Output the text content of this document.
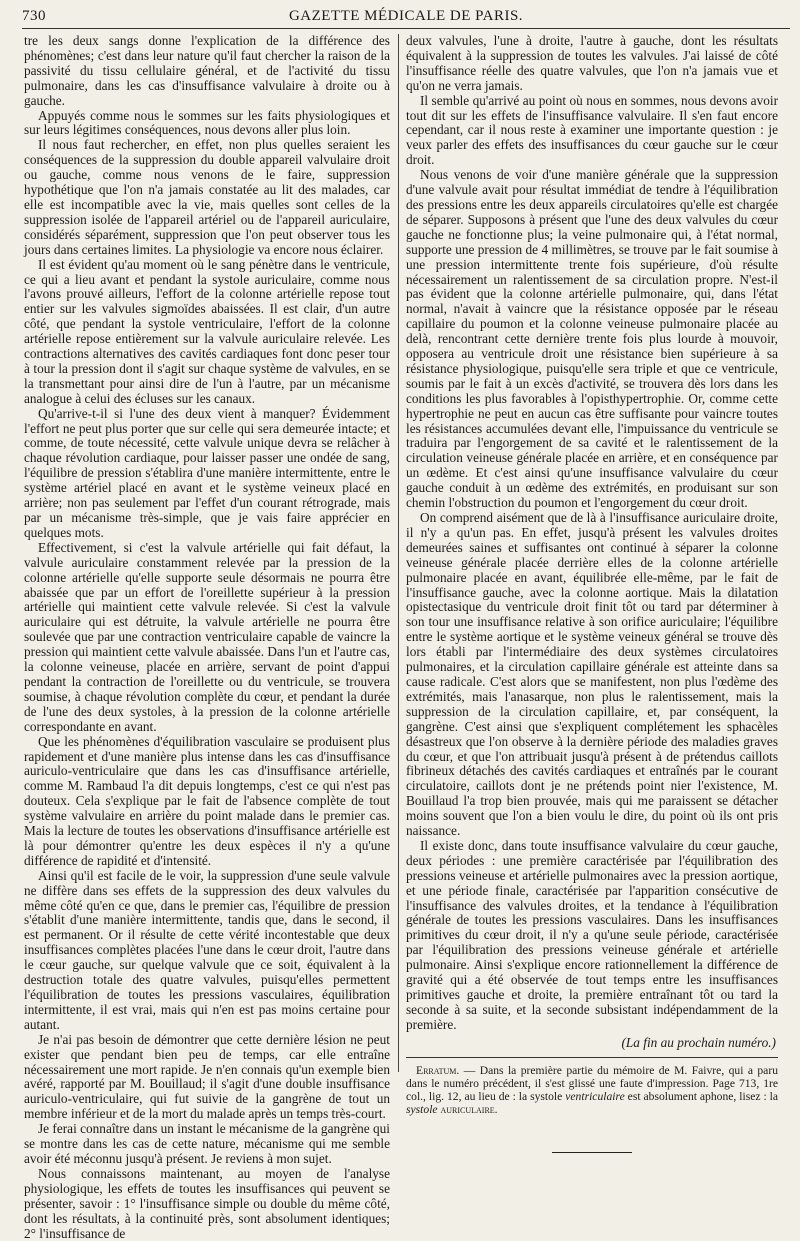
730	GAZETTE MÉDICALE DE PARIS.

tre les deux sangs donne l'explication de la différence des phénomènes; c'est dans leur nature qu'il faut chercher la raison de la passivité du tissu cellulaire général, et de l'activité du tissu pulmonaire, dans les cas d'insuffisance valvulaire à droite ou à gauche.

Appuyés comme nous le sommes sur les faits physiologiques et sur leurs légitimes conséquences, nous devons aller plus loin.

Il nous faut rechercher, en effet, non plus quelles seraient les conséquences de la suppression du double appareil valvulaire droit ou gauche, comme nous venons de le faire, suppression hypothétique que l'on n'a jamais constatée au lit des malades, car elle est incompatible avec la vie, mais quelles sont celles de la suppression isolée de l'appareil artériel ou de l'appareil auriculaire, considérés séparément, suppression que l'on peut observer tous les jours dans certaines limites. La physiologie va encore nous éclairer.

Il est évident qu'au moment où le sang pénètre dans le ventricule, ce qui a lieu avant et pendant la systole auriculaire, comme nous l'avons prouvé ailleurs, l'effort de la colonne artérielle repose tout entier sur les valvules sigmoïdes abaissées. Il est clair, d'un autre côté, que pendant la systole ventriculaire, l'effort de la colonne artérielle repose entièrement sur la valvule auriculaire relevée. Les contractions alternatives des cavités cardiaques font donc peser tour à tour la pression dont il s'agit sur chaque système de valvules, en se la transmettant pour ainsi dire de l'un à l'autre, par un mécanisme analogue à celui des écluses sur les canaux.

Qu'arrive-t-il si l'une des deux vient à manquer? Évidemment l'effort ne peut plus porter que sur celle qui sera demeurée intacte; et comme, de toute nécessité, cette valvule unique devra se relâcher à chaque révolution cardiaque, pour laisser passer une ondée de sang, l'équilibre de pression s'établira d'une manière intermittente, entre le système artériel placé en avant et le système veineux placé en arrière; non pas seulement par l'effet d'un courant rétrograde, mais par un mécanisme très-simple, que je vais faire apprécier en quelques mots.

Effectivement, si c'est la valvule artérielle qui fait défaut, la valvule auriculaire constamment relevée par la pression de la colonne artérielle qu'elle supporte seule désormais ne pourra être abaissée que par un effort de l'oreillette supérieur à la pression artérielle qui maintient cette valvule relevée. Si c'est la valvule auriculaire qui est détruite, la valvule artérielle ne pourra être soulevée que par une contraction ventriculaire capable de vaincre la pression qui maintient cette valvule abaissée. Dans l'un et l'autre cas, la colonne veineuse, placée en arrière, servant de point d'appui pendant la contraction de l'oreillette ou du ventricule, se trouvera soumise, à chaque révolution complète du cœur, et pendant la durée de l'une des deux systoles, à la pression de la colonne artérielle correspondante en avant.

Que les phénomènes d'équilibration vasculaire se produisent plus rapidement et d'une manière plus intense dans les cas d'insuffisance auriculo-ventriculaire que dans les cas d'insuffisance artérielle, comme M. Rambaud l'a dit depuis longtemps, c'est ce qui n'est pas douteux. Cela s'explique par le fait de l'absence complète de tout système valvulaire en arrière du point malade dans le premier cas. Mais la lecture de toutes les observations d'insuffisance artérielle est là pour démontrer qu'entre les deux espèces il n'y a qu'une différence de rapidité et d'intensité.

Ainsi qu'il est facile de le voir, la suppression d'une seule valvule ne diffère dans ses effets de la suppression des deux valvules du même côté qu'en ce que, dans le premier cas, l'équilibre de pression s'établit d'une manière intermittente, tandis que, dans le second, il est permanent. Or il résulte de cette vérité incontestable que deux insuffisances complètes placées l'une dans le cœur droit, l'autre dans le cœur gauche, sur quelque valvule que ce soit, équivalent à la destruction totale des quatre valvules, puisqu'elles permettent l'équilibration de toutes les pressions vasculaires, équilibration intermittente, il est vrai, mais qui n'en est pas moins certaine pour autant.

Je n'ai pas besoin de démontrer que cette dernière lésion ne peut exister que pendant bien peu de temps, car elle entraîne nécessairement une mort rapide. Je n'en connais qu'un exemple bien avéré, rapporté par M. Bouillaud; il s'agit d'une double insuffisance auriculo-ventriculaire, qui fut suivie de la gangrène de tout un membre inférieur et de la mort du malade après un temps très-court.

Je ferai connaître dans un instant le mécanisme de la gangrène qui se montre dans les cas de cette nature, mécanisme qui me semble avoir été méconnu jusqu'à présent. Je reviens à mon sujet.

Nous connaissons maintenant, au moyen de l'analyse physiologique, les effets de toutes les insuffisances qui peuvent se présenter, savoir : 1° l'insuffisance simple ou double du même côté, dont les résultats, à la continuité près, sont absolument identiques; 2° l'insuffisance de

deux valvules, l'une à droite, l'autre à gauche, dont les résultats équivalent à la suppression de toutes les valvules. J'ai laissé de côté l'insuffisance réelle des quatre valvules, que l'on n'a jamais vue et qu'on ne verra jamais.

Il semble qu'arrivé au point où nous en sommes, nous devons avoir tout dit sur les effets de l'insuffisance valvulaire. Il s'en faut encore cependant, car il nous reste à examiner une importante question : je veux parler des effets des insuffisances du cœur gauche sur le cœur droit.

Nous venons de voir d'une manière générale que la suppression d'une valvule avait pour résultat immédiat de tendre à l'équilibration des pressions entre les deux appareils circulatoires qu'elle est chargée de séparer. Supposons à présent que l'une des deux valvules du cœur gauche ne fonctionne plus; la veine pulmonaire qui, à l'état normal, supporte une pression de 4 millimètres, se trouve par le fait soumise à une pression intermittente trente fois supérieure, d'où résulte nécessairement un ralentissement de sa circulation propre. N'est-il pas évident que la colonne artérielle pulmonaire, qui, dans l'état normal, n'avait à vaincre que la résistance opposée par le réseau capillaire du poumon et la colonne veineuse pulmonaire placée au delà, rencontrant cette dernière trente fois plus lourde à mouvoir, opposera au ventricule droit une résistance bien supérieure à sa résistance physiologique, puisqu'elle sera triple et que ce ventricule, soumis par le fait à un excès d'activité, se trouvera dès lors dans les conditions les plus favorables à l'opisthypertrophie. Or, comme cette hypertrophie ne peut en aucun cas être suffisante pour vaincre toutes les résistances accumulées devant elle, l'impuissance du ventricule se traduira par l'engorgement de sa cavité et le ralentissement de la circulation veineuse générale placée en arrière, et en conséquence par un œdème. Et c'est ainsi qu'une insuffisance valvulaire du cœur gauche conduit à un œdème des extrémités, en produisant sur son chemin l'obstruction du poumon et l'engorgement du cœur droit.

On comprend aisément que de là à l'insuffisance auriculaire droite, il n'y a qu'un pas. En effet, jusqu'à présent les valvules droites demeurées saines et suffisantes ont continué à séparer la colonne veineuse générale placée derrière elles de la colonne artérielle pulmonaire placée en avant, équilibrée elle-même, par le fait de l'insuffisance gauche, avec la colonne aortique. Mais la dilatation opistectasique du ventricule droit finit tôt ou tard par déterminer à son tour une insuffisance relative à son orifice auriculaire; l'équilibre entre le système aortique et le système veineux général se trouve dès lors établi par l'intermédiaire des deux systèmes circulatoires pulmonaires, et la circulation capillaire générale est atteinte dans sa cause radicale. C'est alors que se manifestent, non plus l'œdème des extrémités, mais l'anasarque, non plus le ralentissement, mais la suppression de la circulation capillaire, et, par conséquent, la gangrène. C'est ainsi que s'expliquent complétement les sphacèles désastreux que l'on observe à la dernière période des maladies graves du cœur, et que l'on attribuait jusqu'à présent à de prétendus caillots fibrineux détachés des cavités cardiaques et entraînés par le courant circulatoire, caillots dont je ne prétends point nier l'existence, M. Bouillaud l'a trop bien prouvée, mais qui me paraissent se détacher moins souvent que l'on a bien voulu le dire, du point où ils ont pris naissance.

Il existe donc, dans toute insuffisance valvulaire du cœur gauche, deux périodes : une première caractérisée par l'équilibration des pressions veineuse et artérielle pulmonaires avec la pression aortique, et une période finale, caractérisée par l'apparition consécutive de l'insuffisance des valvules droites, et la tendance à l'équilibration générale de toutes les pressions vasculaires. Dans les insuffisances primitives du cœur droit, il n'y a qu'une seule période, caractérisée par l'équilibration des pressions veineuse générale et artérielle pulmonaire. Ainsi s'explique encore rationnellement la différence de gravité qui a été observée de tout temps entre les insuffisances primitives gauche et droite, la première entraînant tôt ou tard la seconde à sa suite, et la seconde subsistant indépendamment de la première.

(La fin au prochain numéro.)

Erratum. — Dans la première partie du mémoire de M. Faivre, qui a paru dans le numéro précédent, il s'est glissé une faute d'impression. Page 713, 1re col., lig. 12, au lieu de : la systole ventriculaire est absolument aphone, lisez : la systole auriculaire.
